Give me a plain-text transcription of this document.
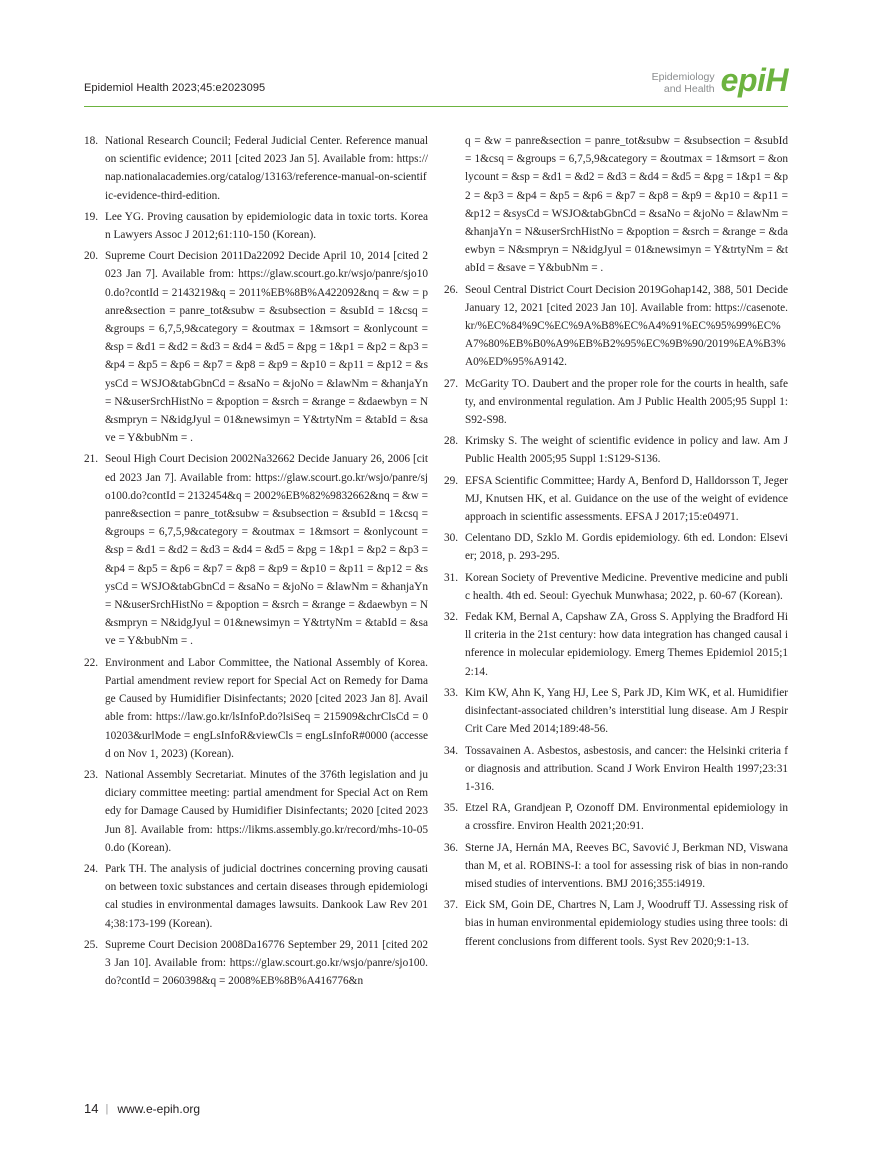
Epidemiol Health 2023;45:e2023095
Epidemiology
and Health epiH
18. National Research Council; Federal Judicial Center. Reference manual on scientific evidence; 2011 [cited 2023 Jan 5]. Available from: https://nap.nationalacademies.org/catalog/13163/reference-manual-on-scientific-evidence-third-edition.
19. Lee YG. Proving causation by epidemiologic data in toxic torts. Korean Lawyers Assoc J 2012;61:110-150 (Korean).
20. Supreme Court Decision 2011Da22092 Decide April 10, 2014 [cited 2023 Jan 7]. Available from: https://glaw.scourt.go.kr/wsjo/panre/sjo100.do?contId = 2143219&q = 2011%EB%8B%A422092&nq = &w = panre&section = panre_tot&subw = &subsection = &subId = 1&csq = &groups = 6,7,5,9&category = &outmax = 1&msort = &onlycount = &sp = &d1 = &d2 = &d3 = &d4 = &d5 = &pg = 1&p1 = &p2 = &p3 = &p4 = &p5 = &p6 = &p7 = &p8 = &p9 = &p10 = &p11 = &p12 = &sysCd = WSJO&tabGbnCd = &saNo = &joNo = &lawNm = &hanjaYn = N&userSrchHistNo = &poption = &srch = &range = &daewbyn = N&smpryn = N&idgJyul = 01&newsimyn = Y&trtyNm = &tabId = &save = Y&bubNm = .
21. Seoul High Court Decision 2002Na32662 Decide January 26, 2006 [cited 2023 Jan 7]. Available from: https://glaw.scourt.go.kr/wsjo/panre/sjo100.do?contId = 2132454&q = 2002%EB%82%9832662&nq = &w = panre&section = panre_tot&subw = &subsection = &subId = 1&csq = &groups = 6,7,5,9&category = &outmax = 1&msort = &onlycount = &sp = &d1 = &d2 = &d3 = &d4 = &d5 = &pg = 1&p1 = &p2 = &p3 = &p4 = &p5 = &p6 = &p7 = &p8 = &p9 = &p10 = &p11 = &p12 = &sysCd = WSJO&tabGbnCd = &saNo = &joNo = &lawNm = &hanjaYn = N&userSrchHistNo = &poption = &srch = &range = &daewbyn = N&smpryn = N&idgJyul = 01&newsimyn = Y&trtyNm = &tabId = &save = Y&bubNm = .
22. Environment and Labor Committee, the National Assembly of Korea. Partial amendment review report for Special Act on Remedy for Damage Caused by Humidifier Disinfectants; 2020 [cited 2023 Jan 8]. Available from: https://law.go.kr/lsInfoP.do?lsiSeq = 215909&chrClsCd = 010203&urlMode = engLsInfoR&viewCls = engLsInfoR#0000 (accessed on Nov 1, 2023) (Korean).
23. National Assembly Secretariat. Minutes of the 376th legislation and judiciary committee meeting: partial amendment for Special Act on Remedy for Damage Caused by Humidifier Disinfectants; 2020 [cited 2023 Jun 8]. Available from: https://likms.assembly.go.kr/record/mhs-10-050.do (Korean).
24. Park TH. The analysis of judicial doctrines concerning proving causation between toxic substances and certain diseases through epidemiological studies in environmental damages lawsuits. Dankook Law Rev 2014;38:173-199 (Korean).
25. Supreme Court Decision 2008Da16776 September 29, 2011 [cited 2023 Jan 10]. Available from: https://glaw.scourt.go.kr/wsjo/panre/sjo100.do?contId = 2060398&q = 2008%EB%8B%A416776&n
q = &w = panre&section = panre_tot&subw = &subsection = &subId = 1&csq = &groups = 6,7,5,9&category = &outmax = 1&msort = &onlycount = &sp = &d1 = &d2 = &d3 = &d4 = &d5 = &pg = 1&p1 = &p2 = &p3 = &p4 = &p5 = &p6 = &p7 = &p8 = &p9 = &p10 = &p11 = &p12 = &sysCd = WSJO&tabGbnCd = &saNo = &joNo = &lawNm = &hanjaYn = N&userSrchHistNo = &poption = &srch = &range = &daewbyn = N&smpryn = N&idgJyul = 01&newsimyn = Y&trtyNm = &tabId = &save = Y&bubNm = .
26. Seoul Central District Court Decision 2019Gohap142, 388, 501 Decide January 12, 2021 [cited 2023 Jan 10]. Available from: https://casenote.kr/%EC%84%9C%EC%9A%B8%EC%A4%91%EC%95%99%EC%A7%80%EB%B0%A9%EB%B2%95%EC%9B%90/2019%EA%B3%A0%ED%95%A9142.
27. McGarity TO. Daubert and the proper role for the courts in health, safety, and environmental regulation. Am J Public Health 2005;95 Suppl 1:S92-S98.
28. Krimsky S. The weight of scientific evidence in policy and law. Am J Public Health 2005;95 Suppl 1:S129-S136.
29. EFSA Scientific Committee; Hardy A, Benford D, Halldorsson T, Jeger MJ, Knutsen HK, et al. Guidance on the use of the weight of evidence approach in scientific assessments. EFSA J 2017;15:e04971.
30. Celentano DD, Szklo M. Gordis epidemiology. 6th ed. London: Elsevier; 2018, p. 293-295.
31. Korean Society of Preventive Medicine. Preventive medicine and public health. 4th ed. Seoul: Gyechuk Munwhasa; 2022, p. 60-67 (Korean).
32. Fedak KM, Bernal A, Capshaw ZA, Gross S. Applying the Bradford Hill criteria in the 21st century: how data integration has changed causal inference in molecular epidemiology. Emerg Themes Epidemiol 2015;12:14.
33. Kim KW, Ahn K, Yang HJ, Lee S, Park JD, Kim WK, et al. Humidifier disinfectant-associated children’s interstitial lung disease. Am J Respir Crit Care Med 2014;189:48-56.
34. Tossavainen A. Asbestos, asbestosis, and cancer: the Helsinki criteria for diagnosis and attribution. Scand J Work Environ Health 1997;23:311-316.
35. Etzel RA, Grandjean P, Ozonoff DM. Environmental epidemiology in a crossfire. Environ Health 2021;20:91.
36. Sterne JA, Hernán MA, Reeves BC, Savović J, Berkman ND, Viswanathan M, et al. ROBINS-I: a tool for assessing risk of bias in non-randomised studies of interventions. BMJ 2016;355:i4919.
37. Eick SM, Goin DE, Chartres N, Lam J, Woodruff TJ. Assessing risk of bias in human environmental epidemiology studies using three tools: different conclusions from different tools. Syst Rev 2020;9:1-13.
14 | www.e-epih.org
